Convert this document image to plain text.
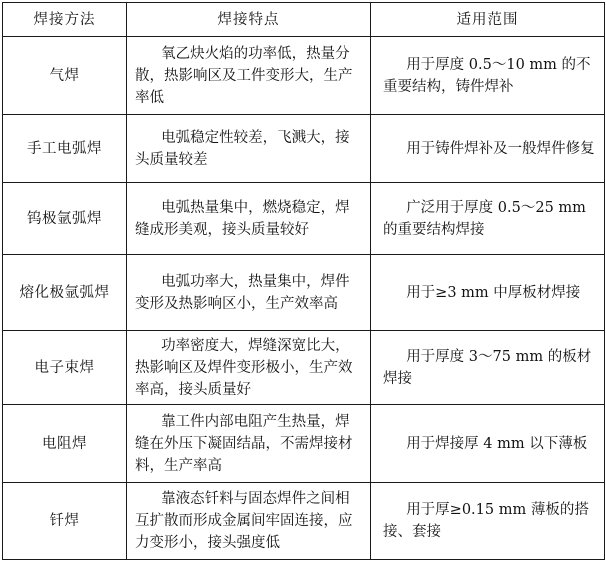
焊接方法	焊接特点	适用范围
气焊	氧乙炔火焰的功率低，热量分散，热影响区及工件变形大，生产率低	用于厚度 0.5～10 mm 的不重要结构，铸件焊补
手工电弧焊	电弧稳定性较差，飞溅大，接头质量较差	用于铸件焊补及一般焊件修复
钨极氩弧焊	电弧热量集中，燃烧稳定，焊缝成形美观，接头质量较好	广泛用于厚度 0.5～25 mm 的重要结构焊接
熔化极氩弧焊	电弧功率大，热量集中，焊件变形及热影响区小，生产效率高	用于≥3 mm 中厚板材焊接
电子束焊	功率密度大，焊缝深宽比大，热影响区及焊件变形极小，生产效率高，接头质量好	用于厚度 3～75 mm 的板材焊接
电阻焊	靠工件内部电阻产生热量，焊缝在外压下凝固结晶，不需焊接材料，生产率高	用于焊接厚 4 mm 以下薄板
钎焊	靠液态钎料与固态焊件之间相互扩散而形成金属间牢固连接，应力变形小，接头强度低	用于厚≥0.15 mm 薄板的搭接、套接
